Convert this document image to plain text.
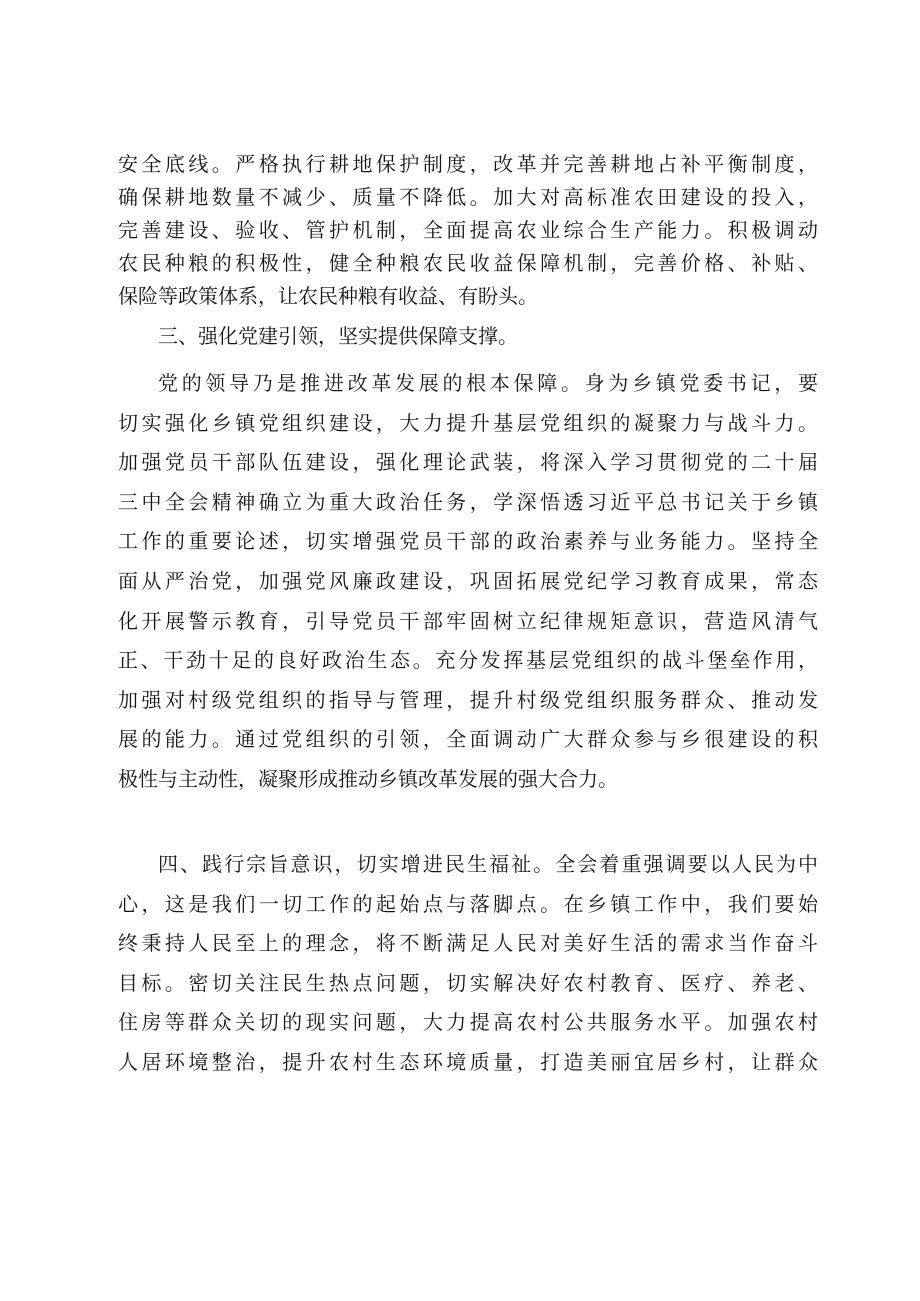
安全底线。严格执行耕地保护制度，改革并完善耕地占补平衡制度，
确保耕地数量不减少、质量不降低。加大对高标准农田建设的投入，
完善建设、验收、管护机制，全面提高农业综合生产能力。积极调动
农民种粮的积极性，健全种粮农民收益保障机制，完善价格、补贴、
保险等政策体系，让农民种粮有收益、有盼头。
三、强化党建引领，坚实提供保障支撑。
党的领导乃是推进改革发展的根本保障。身为乡镇党委书记，要
切实强化乡镇党组织建设，大力提升基层党组织的凝聚力与战斗力。
加强党员干部队伍建设，强化理论武装，将深入学习贯彻党的二十届
三中全会精神确立为重大政治任务，学深悟透习近平总书记关于乡镇
工作的重要论述，切实增强党员干部的政治素养与业务能力。坚持全
面从严治党，加强党风廉政建设，巩固拓展党纪学习教育成果，常态
化开展警示教育，引导党员干部牢固树立纪律规矩意识，营造风清气
正、干劲十足的良好政治生态。充分发挥基层党组织的战斗堡垒作用，
加强对村级党组织的指导与管理，提升村级党组织服务群众、推动发
展的能力。通过党组织的引领，全面调动广大群众参与乡很建设的积
极性与主动性，凝聚形成推动乡镇改革发展的强大合力。
四、践行宗旨意识，切实增进民生福祉。全会着重强调要以人民为中
心，这是我们一切工作的起始点与落脚点。在乡镇工作中，我们要始
终秉持人民至上的理念，将不断满足人民对美好生活的需求当作奋斗
目标。密切关注民生热点问题，切实解决好农村教育、医疗、养老、
住房等群众关切的现实问题，大力提高农村公共服务水平。加强农村
人居环境整治，提升农村生态环境质量，打造美丽宜居乡村，让群众
